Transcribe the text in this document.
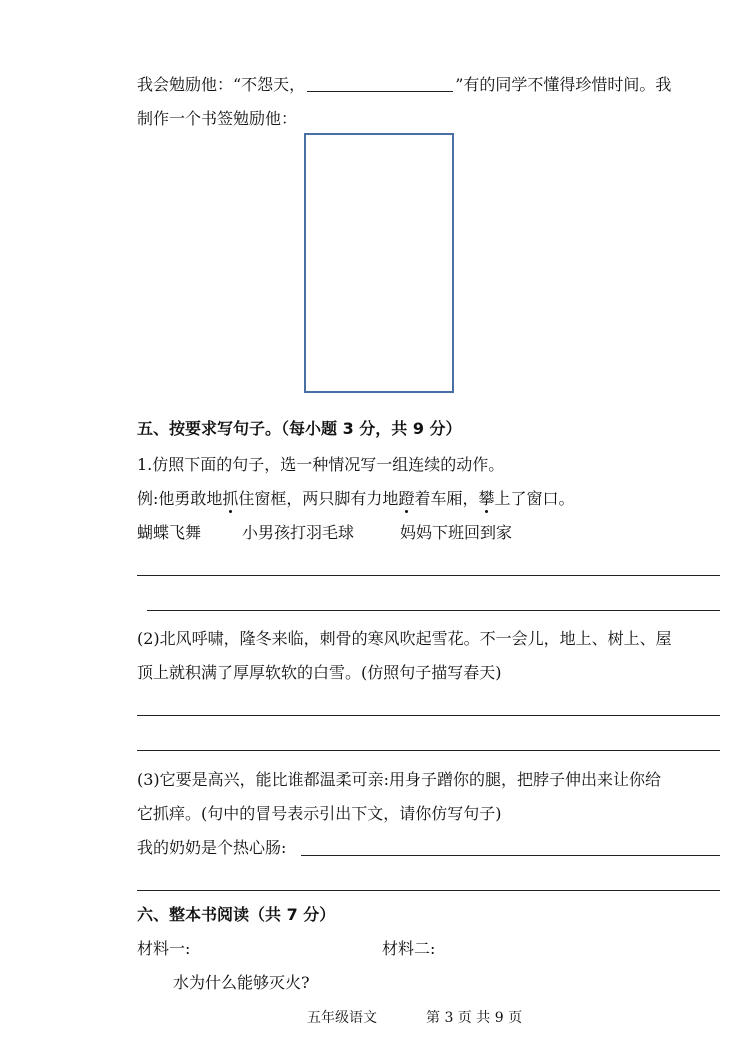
我会勉励他：“不怨天，	”有的同学不懂得珍惜时间。我
制作一个书签勉励他：
五、按要求写句子。（每小题 3 分，共 9 分）
1.仿照下面的句子，选一种情况写一组连续的动作。
例:他勇敢地抓住窗框，两只脚有力地蹬着车厢，攀上了窗口。
蝴蝶飞舞	小男孩打羽毛球	妈妈下班回到家
(2)北风呼啸，隆冬来临，刺骨的寒风吹起雪花。不一会儿，地上、树上、屋
顶上就积满了厚厚软软的白雪。(仿照句子描写春天)
(3)它要是高兴，能比谁都温柔可亲:用身子蹭你的腿，把脖子伸出来让你给
它抓痒。(句中的冒号表示引出下文，请你仿写句子)
我的奶奶是个热心肠:
六、整本书阅读（共 7 分）
材料一:	材料二:
水为什么能够灭火?
五年级语文	第 3 页 共 9 页
